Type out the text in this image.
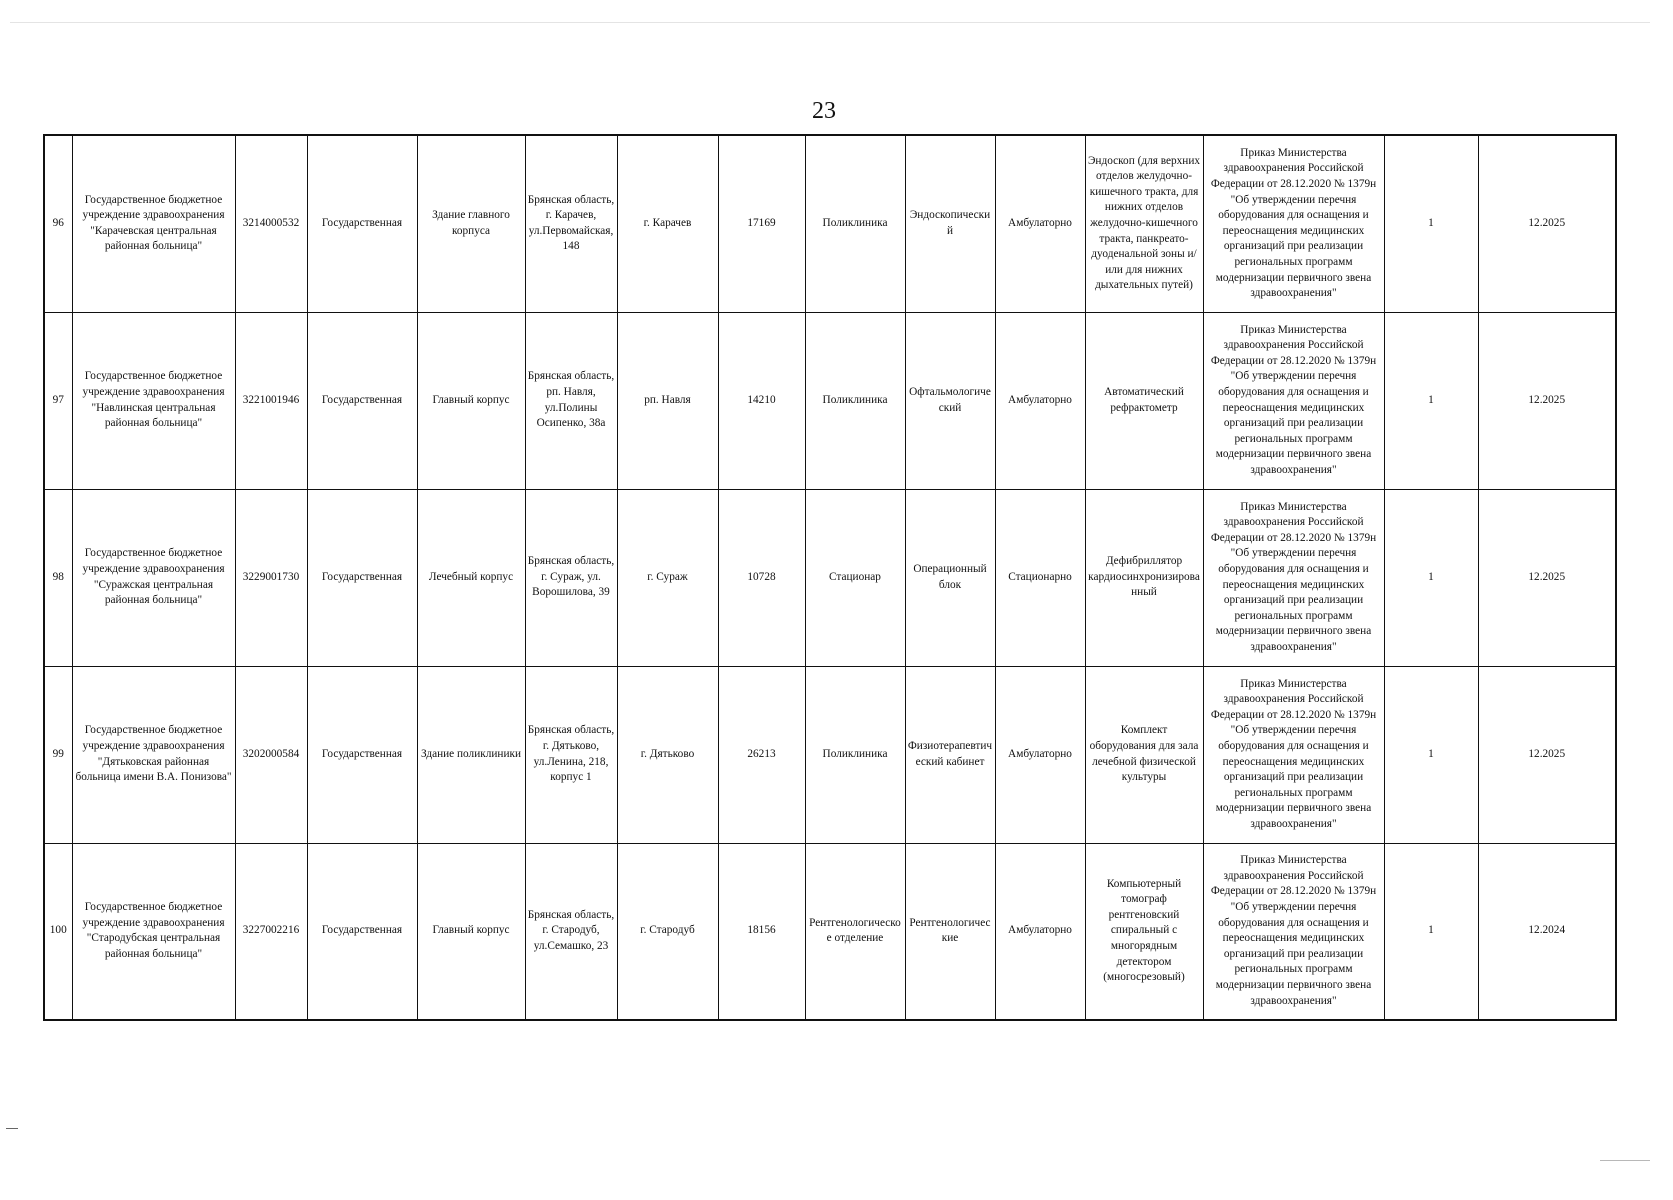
23
96	Государственное бюджетное учреждение здравоохранения "Карачевская центральная районная больница"	3214000532	Государственная	Здание главного корпуса	Брянская область, г. Карачев, ул.Первомайская, 148	г. Карачев	17169	Поликлиника	Эндоскопический	Амбулаторно	Эндоскоп (для верхних отделов желудочно-кишечного тракта, для нижних отделов желудочно-кишечного тракта, панкреато-дуоденальной зоны и/или для нижних дыхательных путей)	Приказ Министерства здравоохранения Российской Федерации от 28.12.2020 № 1379н "Об утверждении перечня оборудования для оснащения и переоснащения медицинских организаций при реализации региональных программ модернизации первичного звена здравоохранения"	1	12.2025
97	Государственное бюджетное учреждение здравоохранения "Навлинская центральная районная больница"	3221001946	Государственная	Главный корпус	Брянская область, рп. Навля, ул.Полины Осипенко, 38а	рп. Навля	14210	Поликлиника	Офтальмологический	Амбулаторно	Автоматический рефрактометр	Приказ Министерства здравоохранения Российской Федерации от 28.12.2020 № 1379н "Об утверждении перечня оборудования для оснащения и переоснащения медицинских организаций при реализации региональных программ модернизации первичного звена здравоохранения"	1	12.2025
98	Государственное бюджетное учреждение здравоохранения "Суражская центральная районная больница"	3229001730	Государственная	Лечебный корпус	Брянская область, г. Сураж, ул. Ворошилова, 39	г. Сураж	10728	Стационар	Операционный блок	Стационарно	Дефибриллятор кардиосинхронизированный	Приказ Министерства здравоохранения Российской Федерации от 28.12.2020 № 1379н "Об утверждении перечня оборудования для оснащения и переоснащения медицинских организаций при реализации региональных программ модернизации первичного звена здравоохранения"	1	12.2025
99	Государственное бюджетное учреждение здравоохранения "Дятьковская районная больница имени В.А. Понизова"	3202000584	Государственная	Здание поликлиники	Брянская область, г. Дятьково, ул.Ленина, 218, корпус 1	г. Дятьково	26213	Поликлиника	Физиотерапевтический кабинет	Амбулаторно	Комплект оборудования для зала лечебной физической культуры	Приказ Министерства здравоохранения Российской Федерации от 28.12.2020 № 1379н "Об утверждении перечня оборудования для оснащения и переоснащения медицинских организаций при реализации региональных программ модернизации первичного звена здравоохранения"	1	12.2025
100	Государственное бюджетное учреждение здравоохранения "Стародубская центральная районная больница"	3227002216	Государственная	Главный корпус	Брянская область, г. Стародуб, ул.Семашко, 23	г. Стародуб	18156	Рентгенологическое отделение	Рентгенологические	Амбулаторно	Компьютерный томограф рентгеновский спиральный с многорядным детектором (многосрезовый)	Приказ Министерства здравоохранения Российской Федерации от 28.12.2020 № 1379н "Об утверждении перечня оборудования для оснащения и переоснащения медицинских организаций при реализации региональных программ модернизации первичного звена здравоохранения"	1	12.2024
